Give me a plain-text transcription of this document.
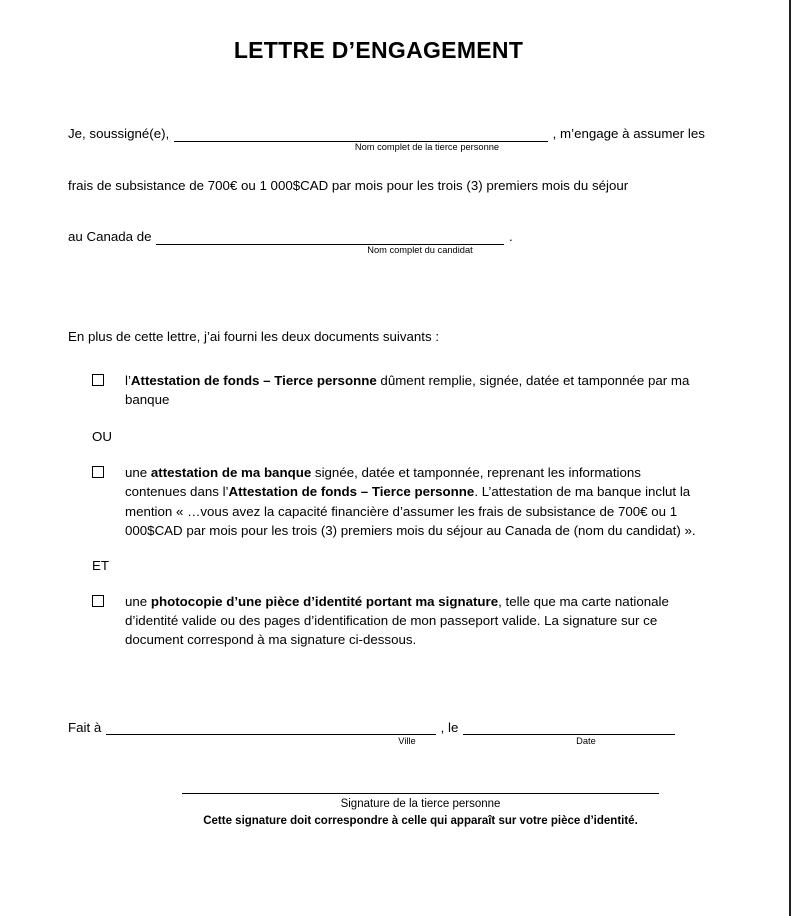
LETTRE D’ENGAGEMENT
Je, soussigné(e),	, m’engage à assumer les
Nom complet de la tierce personne
frais de subsistance de 700€ ou 1 000$CAD par mois pour les trois (3) premiers mois du séjour
au Canada de	.
Nom complet du candidat
En plus de cette lettre, j’ai fourni les deux documents suivants :
l’Attestation de fonds – Tierce personne dûment remplie, signée, datée et tamponnée par ma banque
OU
une attestation de ma banque signée, datée et tamponnée, reprenant les informations contenues dans l’Attestation de fonds – Tierce personne. L’attestation de ma banque inclut la mention « …vous avez la capacité financière d’assumer les frais de subsistance de 700€ ou 1 000$CAD par mois pour les trois (3) premiers mois du séjour au Canada de (nom du candidat) ».
ET
une photocopie d’une pièce d’identité portant ma signature, telle que ma carte nationale d’identité valide ou des pages d’identification de mon passeport valide. La signature sur ce document correspond à ma signature ci-dessous.
Fait à	, le
Ville	Date
Signature de la tierce personne
Cette signature doit correspondre à celle qui apparaît sur votre pièce d’identité.
